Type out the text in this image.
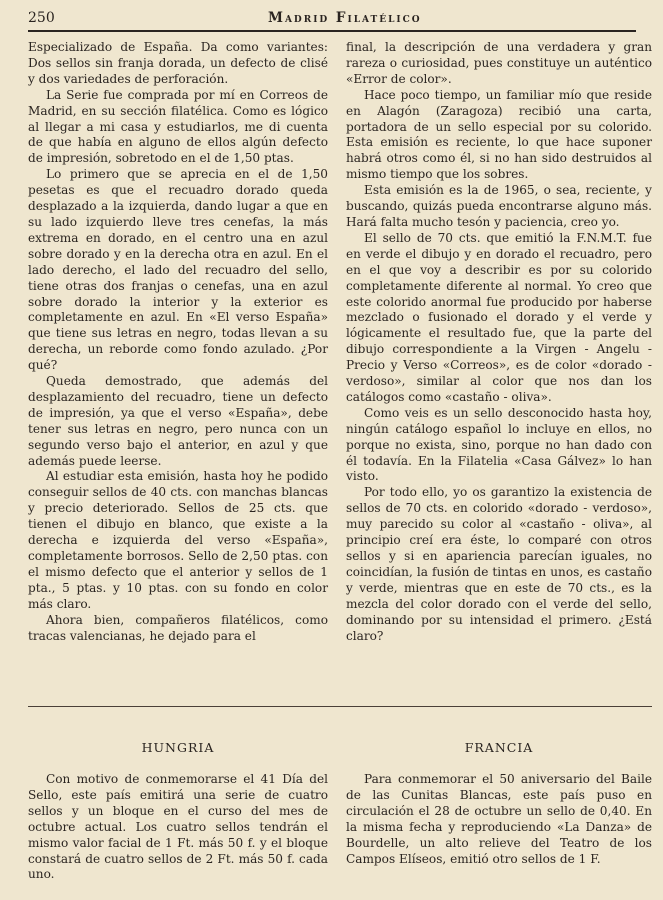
250	Madrid Filatélico

Especializado de España. Da como variantes: Dos sellos sin franja dorada, un defecto de clisé y dos variedades de perforación.

La Serie fue comprada por mí en Correos de Madrid, en su sección filatélica. Como es lógico al llegar a mi casa y estudiarlos, me di cuenta de que había en alguno de ellos algún defecto de impresión, sobretodo en el de 1,50 ptas.

Lo primero que se aprecia en el de 1,50 pesetas es que el recuadro dorado queda desplazado a la izquierda, dando lugar a que en su lado izquierdo lleve tres cenefas, la más extrema en dorado, en el centro una en azul sobre dorado y en la derecha otra en azul. En el lado derecho, el lado del recuadro del sello, tiene otras dos franjas o cenefas, una en azul sobre dorado la interior y la exterior es completamente en azul. En «El verso España» que tiene sus letras en negro, todas llevan a su derecha, un reborde como fondo azulado. ¿Por qué?

Queda demostrado, que además del desplazamiento del recuadro, tiene un defecto de impresión, ya que el verso «España», debe tener sus letras en negro, pero nunca con un segundo verso bajo el anterior, en azul y que además puede leerse.

Al estudiar esta emisión, hasta hoy he podido conseguir sellos de 40 cts. con manchas blancas y precio deteriorado. Sellos de 25 cts. que tienen el dibujo en blanco, que existe a la derecha e izquierda del verso «España», completamente borrosos. Sello de 2,50 ptas. con el mismo defecto que el anterior y sellos de 1 pta., 5 ptas. y 10 ptas. con su fondo en color más claro.

Ahora bien, compañeros filatélicos, como tracas valencianas, he dejado para el

final, la descripción de una verdadera y gran rareza o curiosidad, pues constituye un auténtico «Error de color».

Hace poco tiempo, un familiar mío que reside en Alagón (Zaragoza) recibió una carta, portadora de un sello especial por su colorido. Esta emisión es reciente, lo que hace suponer habrá otros como él, si no han sido destruidos al mismo tiempo que los sobres.

Esta emisión es la de 1965, o sea, reciente, y buscando, quizás pueda encontrarse alguno más. Hará falta mucho tesón y paciencia, creo yo.

El sello de 70 cts. que emitió la F.N.M.T. fue en verde el dibujo y en dorado el recuadro, pero en el que voy a describir es por su colorido completamente diferente al normal. Yo creo que este colorido anormal fue producido por haberse mezclado o fusionado el dorado y el verde y lógicamente el resultado fue, que la parte del dibujo correspondiente a la Virgen - Angelu - Precio y Verso «Correos», es de color «dorado - verdoso», similar al color que nos dan los catálogos como «castaño - oliva».

Como veis es un sello desconocido hasta hoy, ningún catálogo español lo incluye en ellos, no porque no exista, sino, porque no han dado con él todavía. En la Filatelia «Casa Gálvez» lo han visto.

Por todo ello, yo os garantizo la existencia de sellos de 70 cts. en colorido «dorado - verdoso», muy parecido su color al «castaño - oliva», al principio creí era éste, lo comparé con otros sellos y si en apariencia parecían iguales, no coincidían, la fusión de tintas en unos, es castaño y verde, mientras que en este de 70 cts., es la mezcla del color dorado con el verde del sello, dominando por su intensidad el primero. ¿Está claro?

HUNGRIA

Con motivo de conmemorarse el 41 Día del Sello, este país emitirá una serie de cuatro sellos y un bloque en el curso del mes de octubre actual. Los cuatro sellos tendrán el mismo valor facial de 1 Ft. más 50 f. y el bloque constará de cuatro sellos de 2 Ft. más 50 f. cada uno.

FRANCIA

Para conmemorar el 50 aniversario del Baile de las Cunitas Blancas, este país puso en circulación el 28 de octubre un sello de 0,40. En la misma fecha y reproduciendo «La Danza» de Bourdelle, un alto relieve del Teatro de los Campos Elíseos, emitió otro sellos de 1 F.
